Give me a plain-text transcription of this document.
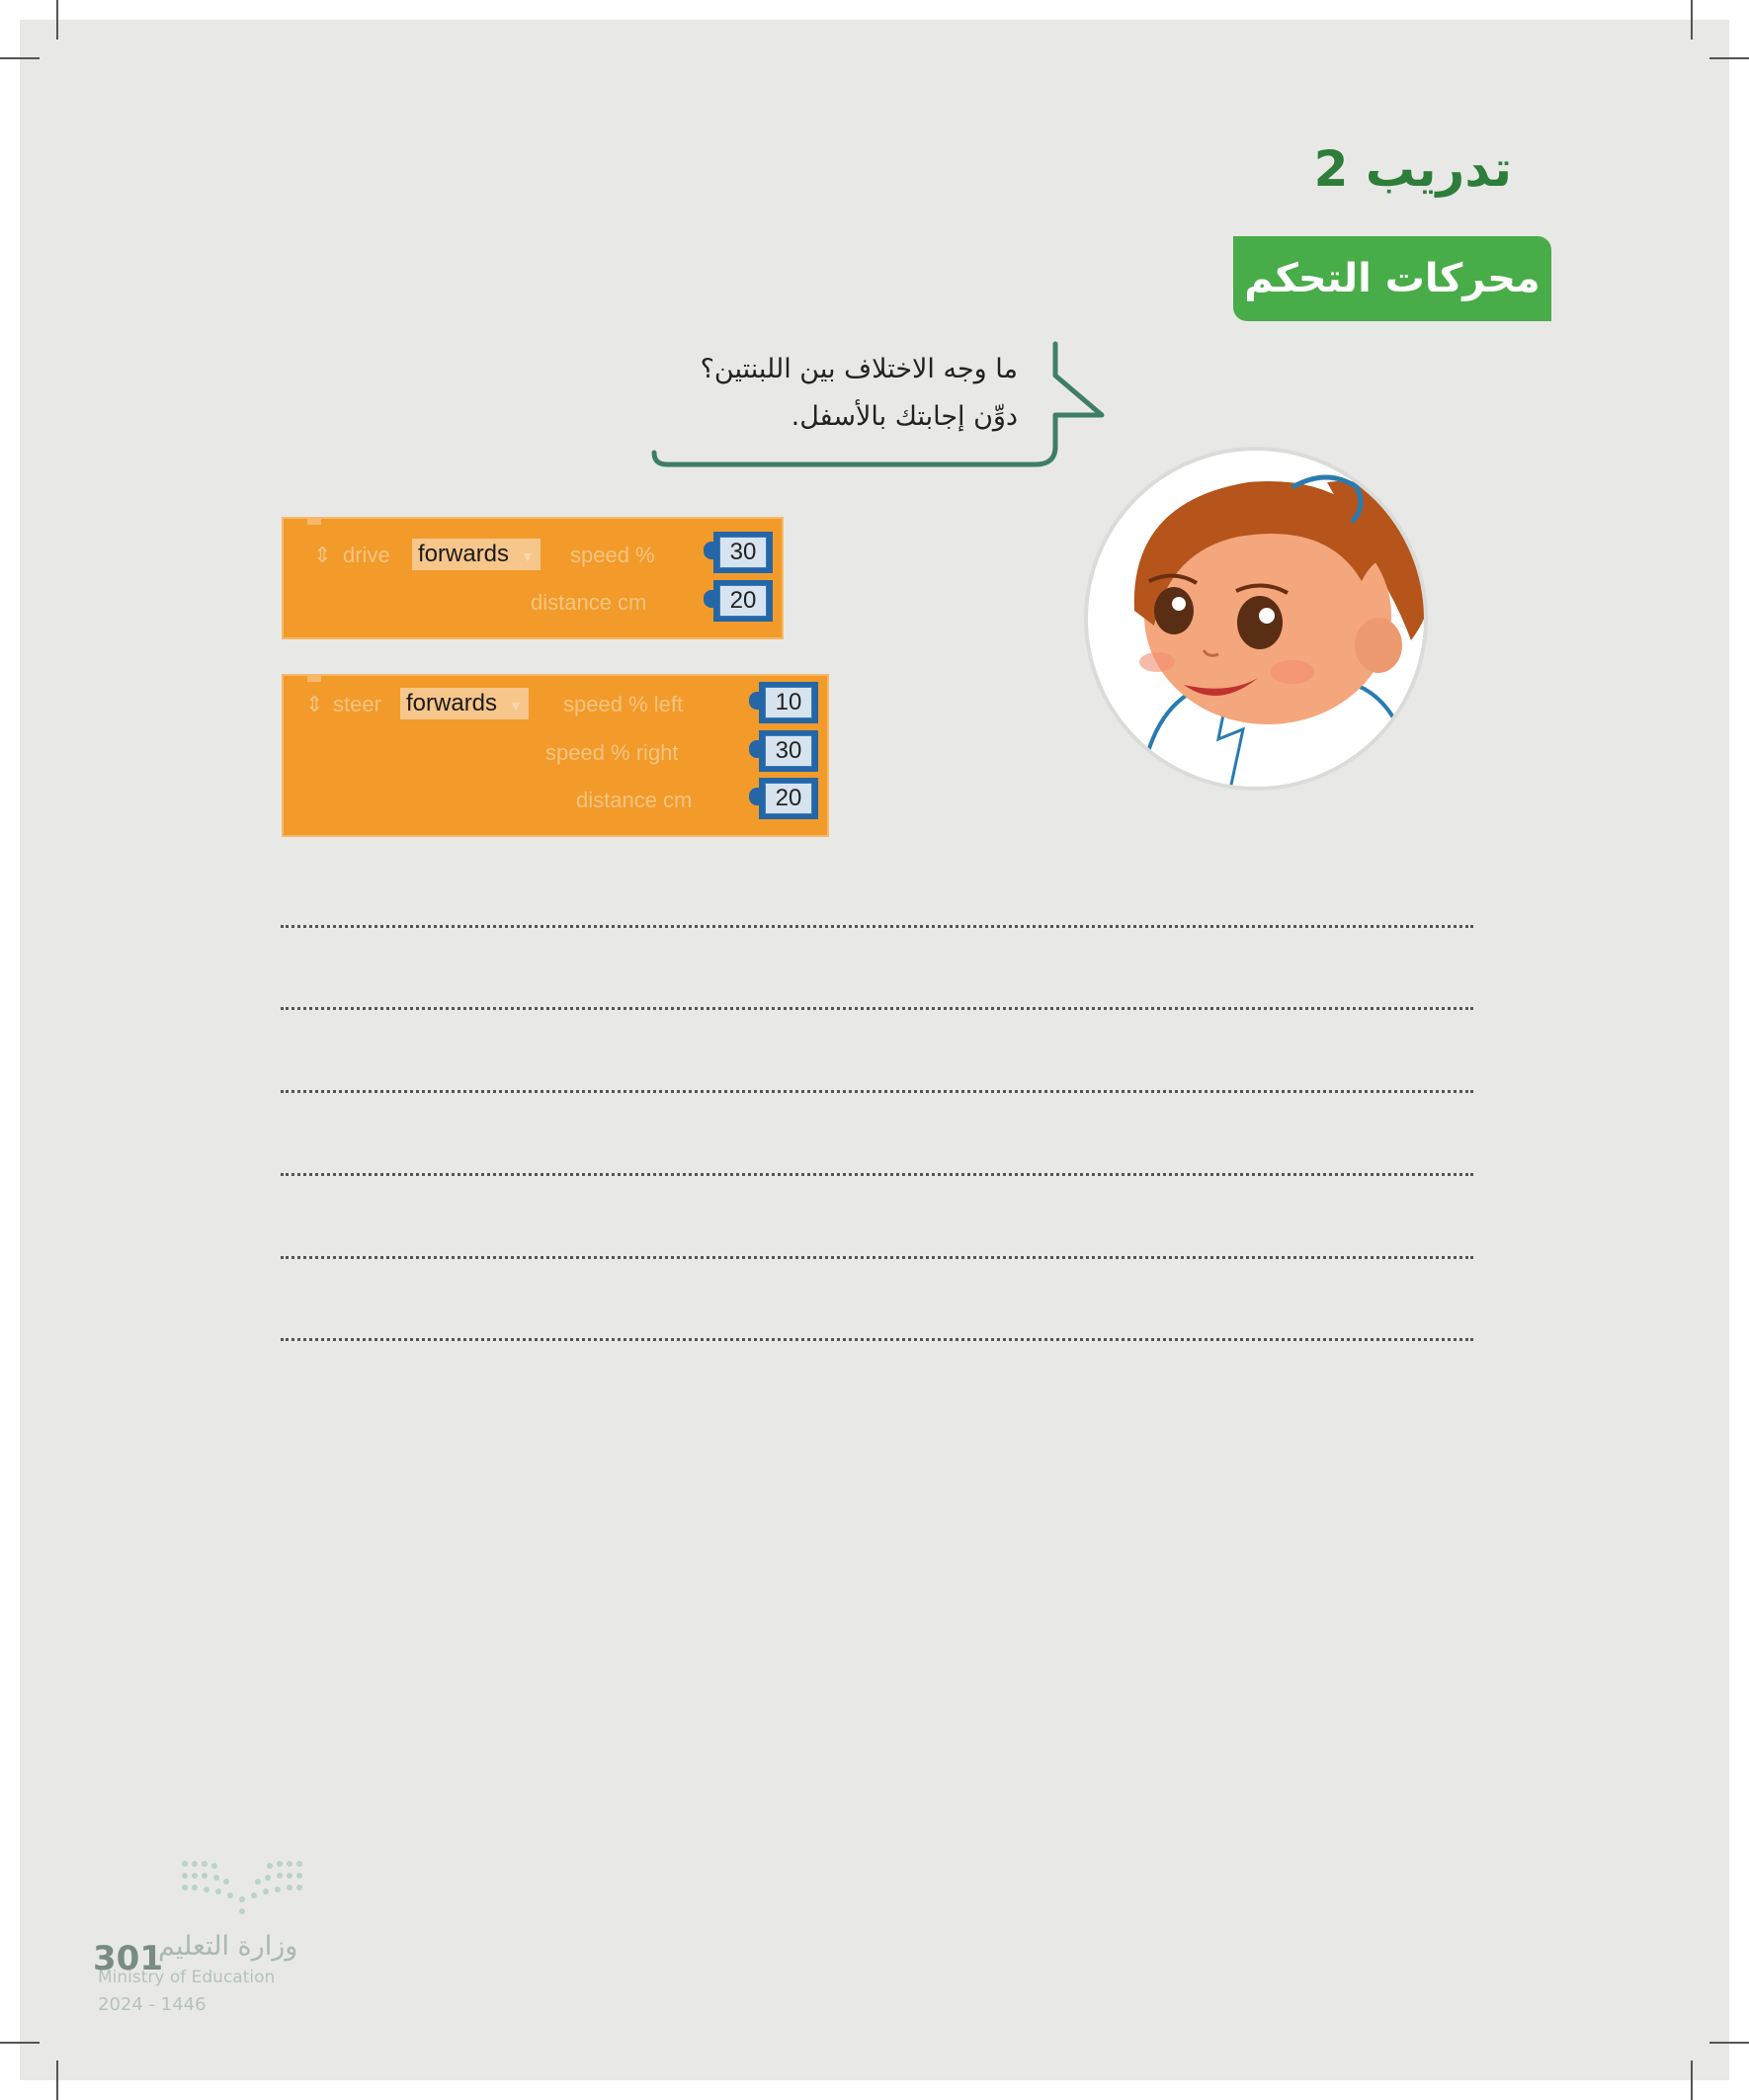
تدريب 2
محركات التحكم
ما وجه الاختلاف بين اللبنتين؟
دوِّن إجابتك بالأسفل.
⇕ drive forwards ▼ speed %
distance cm
30
20
⇕ steer forwards ▼ speed % left
speed % right
distance cm
10
30
20
وزارة التعليم
301
Ministry of Education
2024 - 1446
